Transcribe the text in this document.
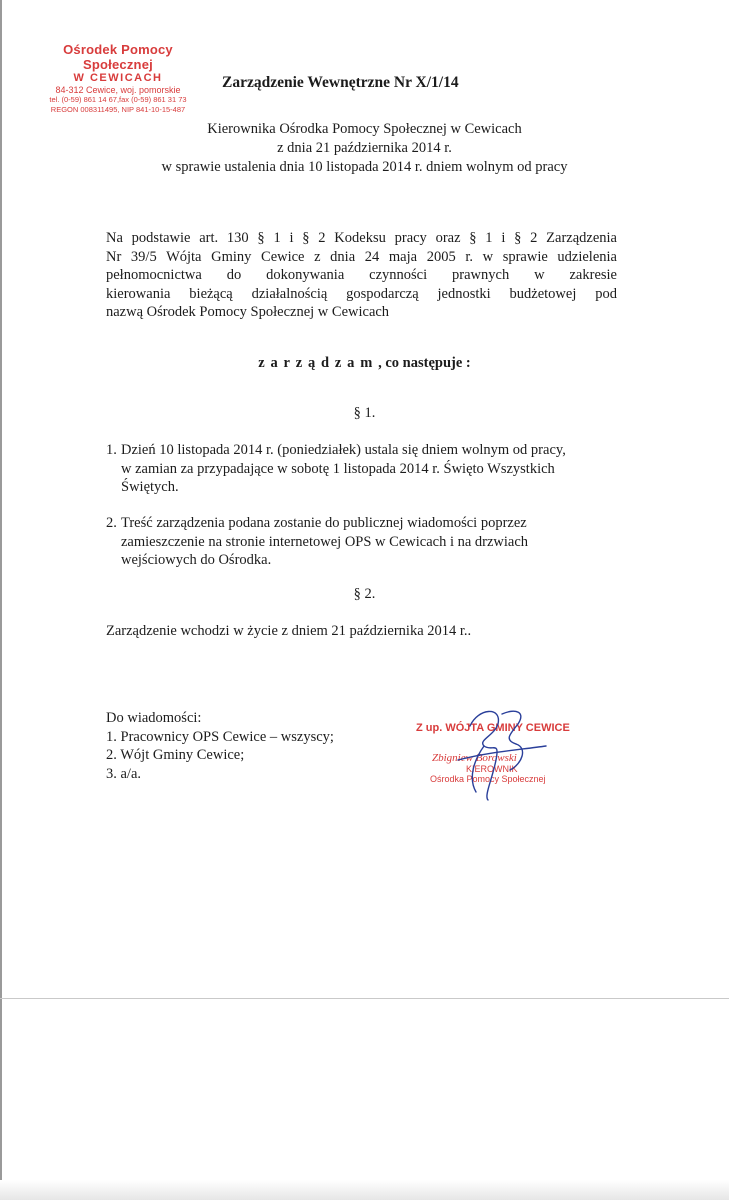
Ośrodek Pomocy Społecznej
W CEWICACH
84-312 Cewice, woj. pomorskie
tel. (0-59) 861 14 67,fax (0-59) 861 31 73
REGON 008311495, NIP 841-10-15-487
Zarządzenie Wewnętrzne Nr X/1/14
Kierownika Ośrodka Pomocy Społecznej w Cewicach
z dnia 21 października 2014 r.
w sprawie ustalenia dnia 10 listopada 2014 r. dniem wolnym od pracy
Na podstawie art. 130 § 1 i § 2 Kodeksu pracy oraz § 1 i § 2 Zarządzenia
Nr 39/5 Wójta Gminy Cewice z dnia 24 maja 2005 r. w sprawie udzielenia
pełnomocnictwa do dokonywania czynności prawnych w zakresie
kierowania bieżącą działalnością gospodarczą jednostki budżetowej pod
nazwą Ośrodek Pomocy Społecznej w Cewicach
zarządzam, co następuje :
§ 1.
1. Dzień 10 listopada 2014 r. (poniedziałek) ustala się dniem wolnym od pracy,
w zamian za przypadające w sobotę 1 listopada 2014 r. Święto Wszystkich
Świętych.
2. Treść zarządzenia podana zostanie do publicznej wiadomości poprzez
zamieszczenie na stronie internetowej OPS w Cewicach i na drzwiach
wejściowych do Ośrodka.
§ 2.
Zarządzenie wchodzi w życie z dniem 21 października 2014 r..
Do wiadomości:
1. Pracownicy OPS Cewice – wszyscy;
2. Wójt Gminy Cewice;
3. a/a.
Z up. WÓJTA GMINY CEWICE
Zbigniew Borowski
KIEROWNIK
Ośrodka Pomocy Społecznej
